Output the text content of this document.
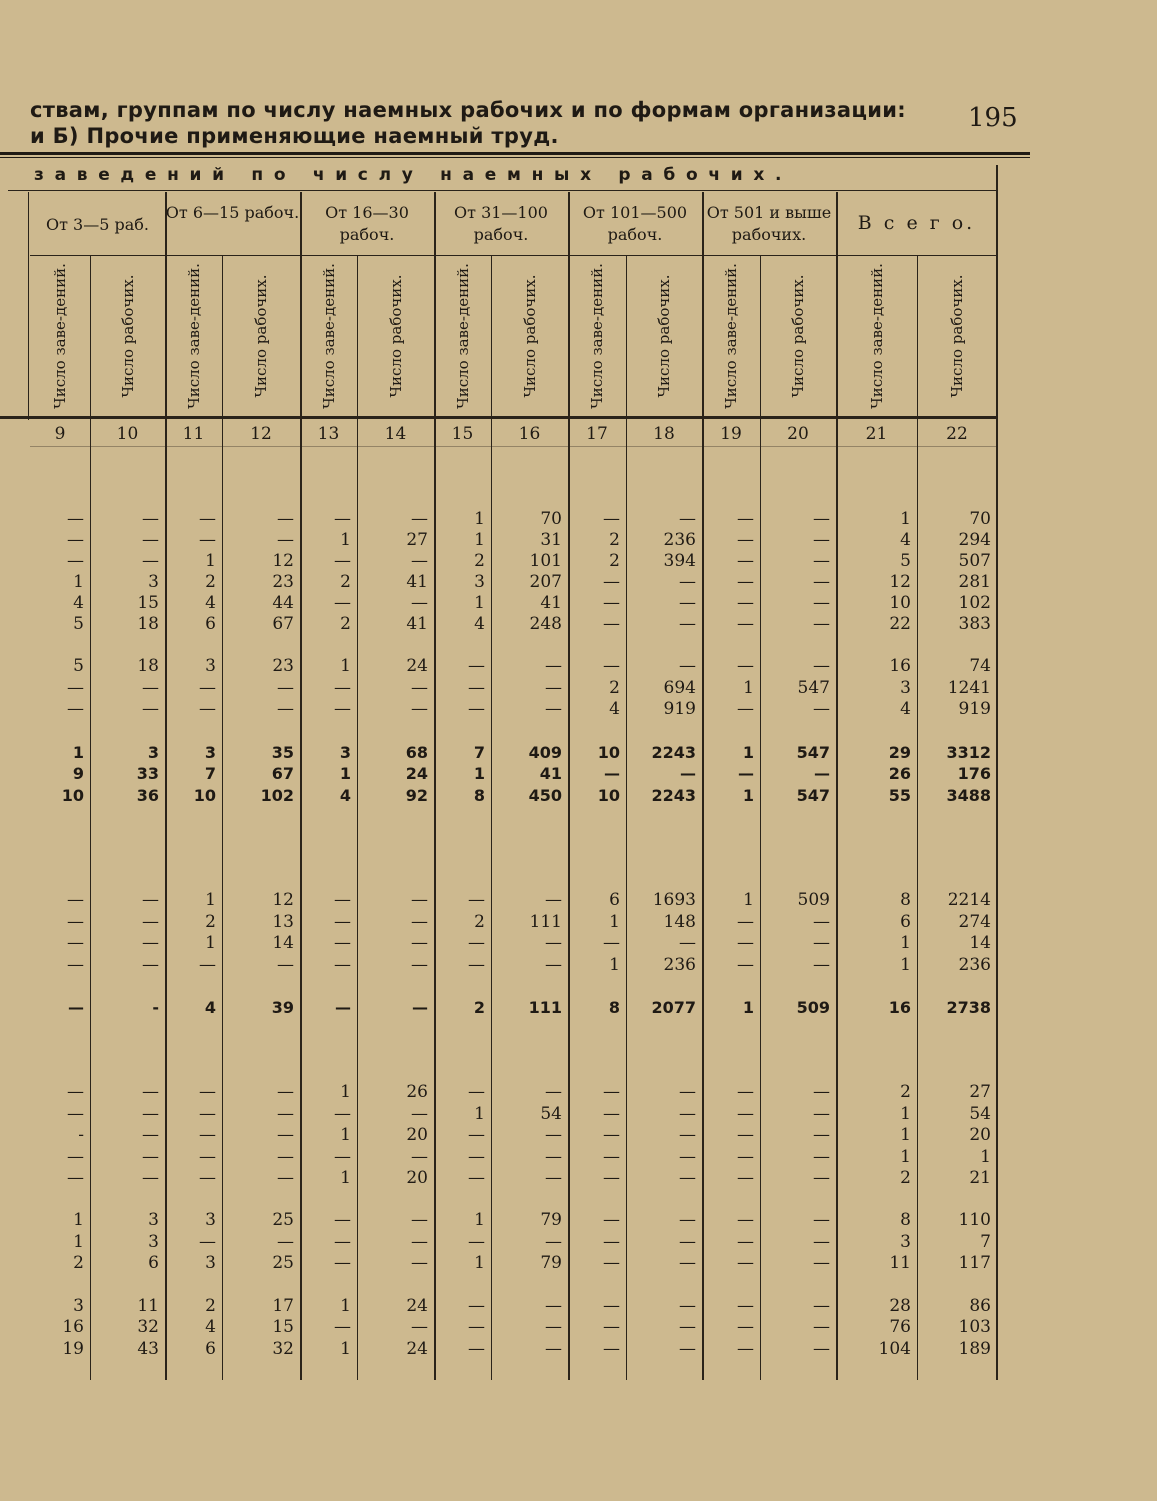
ствам, группам по числу наемных рабочих и по формам организации:
и Б) Прочие применяющие наемный труд.
195
заведений по числу наемных рабочих.
От 3—5 раб.
От 6—15 рабоч.	От 16—30 рабоч.
От 31—100 рабоч.
От 101—500 рабоч.
От 501 и выше рабочих.
В с е г о.
Число заве-дений.	Число рабочих.	Число заве-дений.	Число рабочих.	Число заве-дений.	Число рабочих.	Число заве-дений.	Число рабочих.	Число заве-дений.	Число рабочих.	Число заве-дений.	Число рабочих.	Число заве-дений.	Число рабочих.
9	10	11	12	13	14	15	16	17	18	19	20	21	22
—	—	—	—	—	—	1	70	—	—	—	—	1	70
—	—	—	—	1	27	1	31	2	236	—	—	4	294
—	—	1	12	—	—	2	101	2	394	—	—	5	507
1	3	2	23	2	41	3	207	—	—	—	—	12	281
4	15	4	44	—	—	1	41	—	—	—	—	10	102
5	18	6	67	2	41	4	248	—	—	—	—	22	383
5	18	3	23	1	24	—	—	—	—	—	—	16	74
—	—	—	—	—	—	—	—	2	694	1	547	3	1241
—	—	—	—	—	—	—	—	4	919	—	—	4	919
1	3	3	35	3	68	7	409	10	2243	1	547	29	3312
9	33	7	67	1	24	1	41	—	—	—	—	26	176
10	36	10	102	4	92	8	450	10	2243	1	547	55	3488
—	—	1	12	—	—	—	—	6	1693	1	509	8	2214
—	—	2	13	—	—	2	111	1	148	—	—	6	274
—	—	1	14	—	—	—	—	—	—	—	—	1	14
—	—	—	—	—	—	—	—	1	236	—	—	1	236
—	-	4	39	—	—	2	111	8	2077	1	509	16	2738
—	—	—	—	1	26	—	—	—	—	—	—	2	27
—	—	—	—	—	—	1	54	—	—	—	—	1	54
-	—	—	—	1	20	—	—	—	—	—	—	1	20
—	—	—	—	—	—	—	—	—	—	—	—	1	1
—	—	—	—	1	20	—	—	—	—	—	—	2	21
1	3	3	25	—	—	1	79	—	—	—	—	8	110
1	3	—	—	—	—	—	—	—	—	—	—	3	7
2	6	3	25	—	—	1	79	—	—	—	—	11	117
3	11	2	17	1	24	—	—	—	—	—	—	28	86
16	32	4	15	—	—	—	—	—	—	—	—	76	103
19	43	6	32	1	24	—	—	—	—	—	—	104	189
